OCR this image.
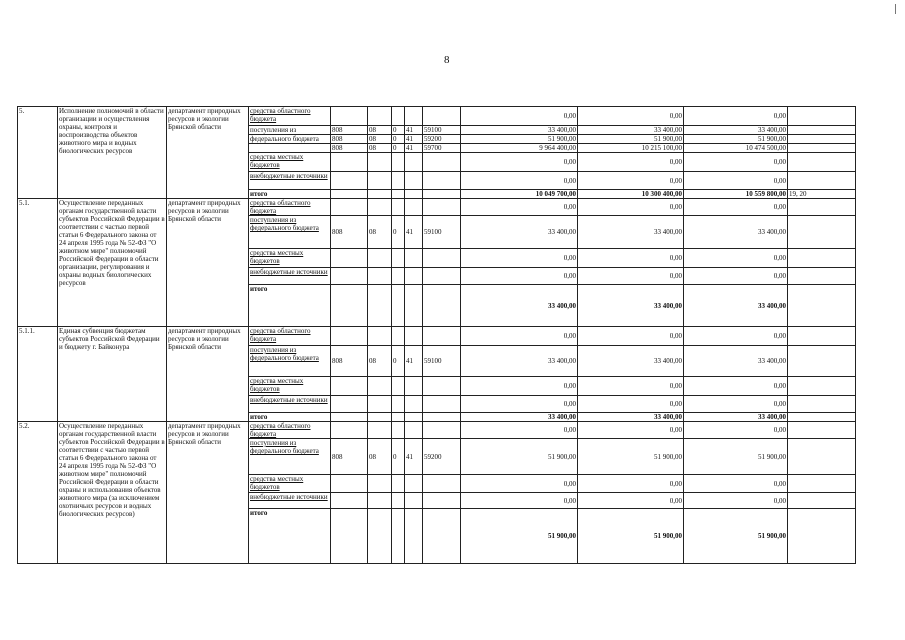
8
5.	Исполнение полномочий в области организации и осуществления охраны, контроля и воспроизводства объектов животного мира и водных биологических ресурсов	департамент природных ресурсов и экологии Брянской области	средства областного бюджета						0,00	0,00	0,00	
			поступления из	808	08	0	41	59100	33 400,00	33 400,00	33 400,00	
			федерального бюджета	808	08	0	41	59200	51 900,00	51 900,00	51 900,00	
				808	08	0	41	59700	9 964 400,00	10 215 100,00	10 474 500,00	
			средства местных бюджетов						0,00	0,00	0,00	
			внебюджетные источники						0,00	0,00	0,00	
			итого						10 049 700,00	10 300 400,00	10 559 800,00	19, 20
5.1.	Осуществление переданных органам государственной власти субъектов Российской Федерации в соответствии с частью первой статьи 6 Федерального закона от 24 апреля 1995 года № 52-ФЗ "О животном мире" полномочий Российской Федерации в области организации, регулирования и охраны водных биологических ресурсов	департамент природных ресурсов и экологии Брянской области	средства областного бюджета						0,00	0,00	0,00	
			поступления из федерального бюджета	808	08	0	41	59100	33 400,00	33 400,00	33 400,00	
			средства местных бюджетов						0,00	0,00	0,00	
			внебюджетные источники						0,00	0,00	0,00	
			итого						33 400,00	33 400,00	33 400,00	
5.1.1.	Единая субвенция бюджетам субъектов Российской Федерации и бюджету г. Байконура	департамент природных ресурсов и экологии Брянской области	средства областного бюджета						0,00	0,00	0,00	
			поступления из федерального бюджета	808	08	0	41	59100	33 400,00	33 400,00	33 400,00	
			средства местных бюджетов						0,00	0,00	0,00	
			внебюджетные источники						0,00	0,00	0,00	
			итого						33 400,00	33 400,00	33 400,00	
5.2.	Осуществление переданных органам государственной власти субъектов Российской Федерации в соответствии с частью первой статьи 6 Федерального закона от 24 апреля 1995 года № 52-ФЗ "О животном мире" полномочий Российской Федерации в области охраны и использования объектов животного мира (за исключением охотничьих ресурсов и водных биологических ресурсов)	департамент природных ресурсов и экологии Брянской области	средства областного бюджета						0,00	0,00	0,00	
			поступления из федерального бюджета	808	08	0	41	59200	51 900,00	51 900,00	51 900,00	
			средства местных бюджетов						0,00	0,00	0,00	
			внебюджетные источники						0,00	0,00	0,00	
			итого						51 900,00	51 900,00	51 900,00	
